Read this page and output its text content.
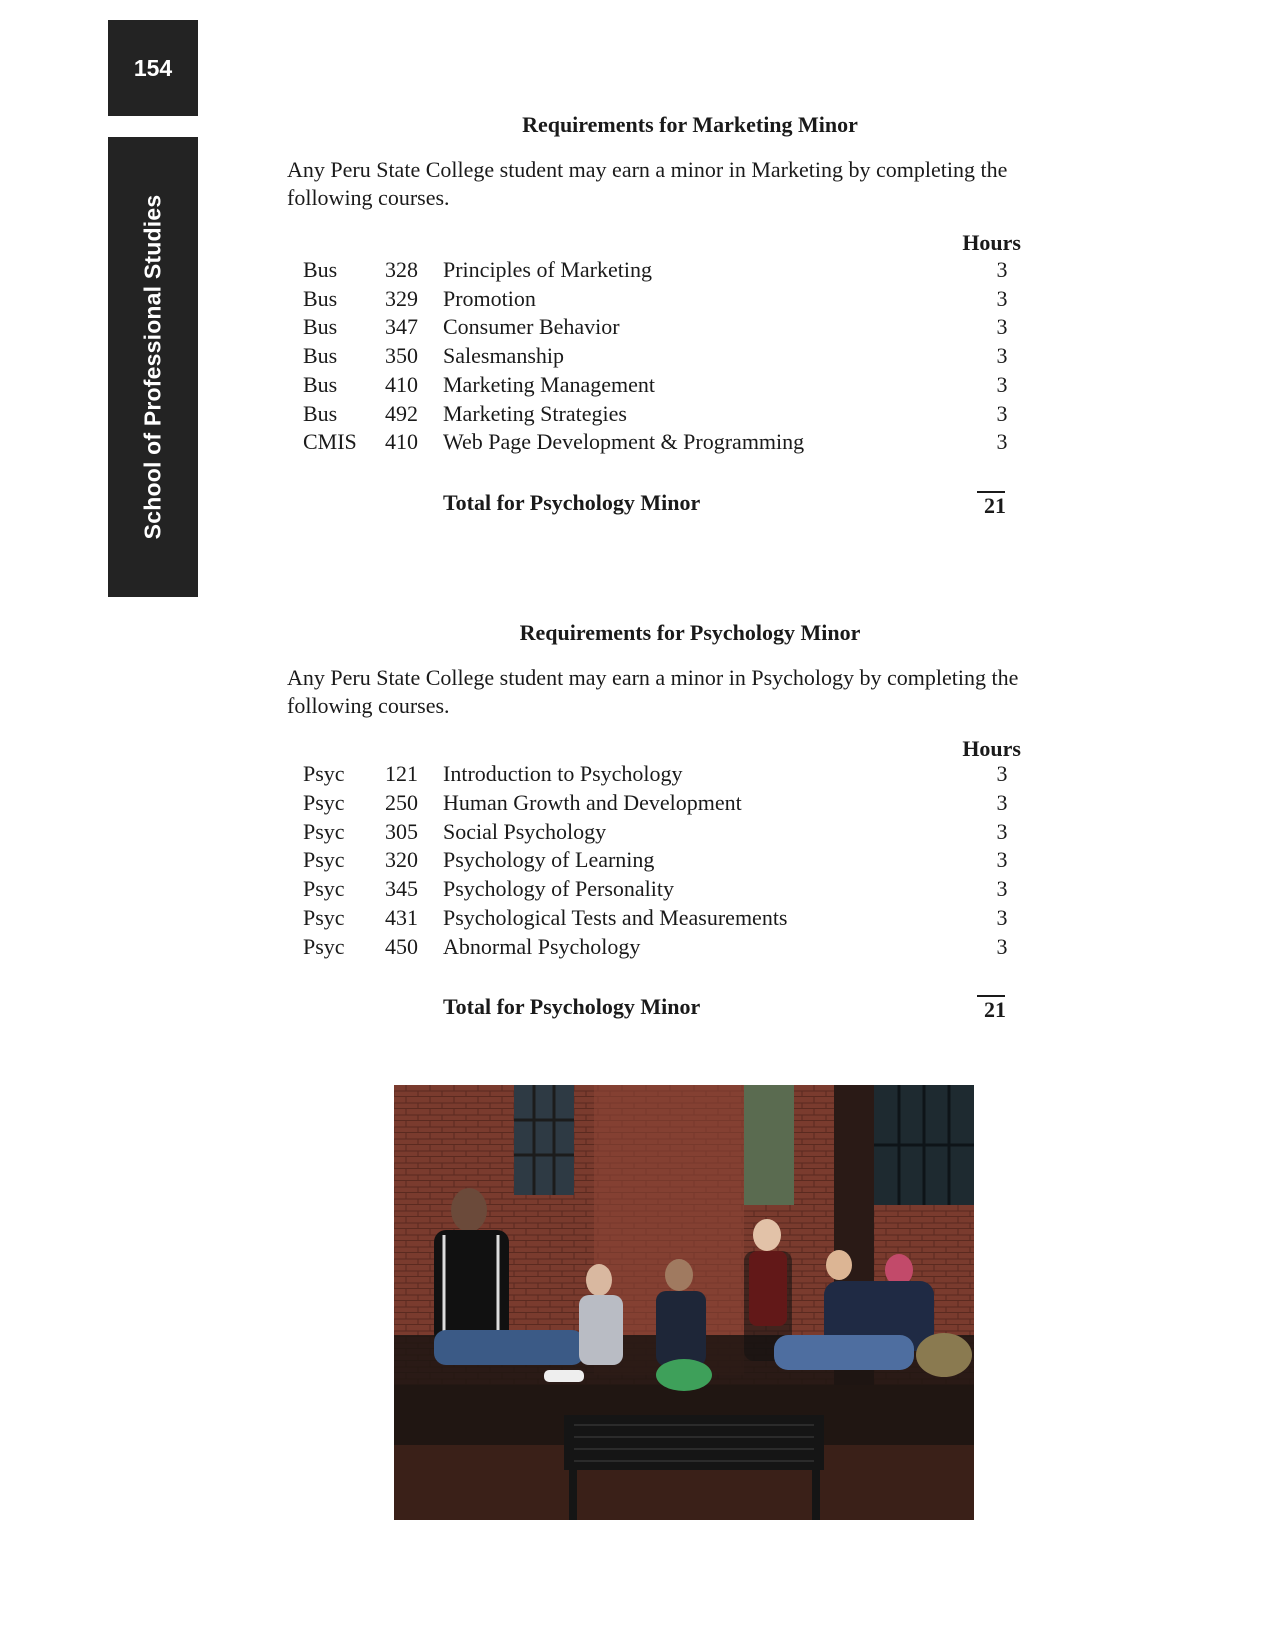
154
School of Professional Studies
Requirements for Marketing Minor

Any Peru State College student may earn a minor in Marketing by completing the following courses.

Hours
Bus 328 Principles of Marketing	3
Bus 329 Promotion	3
Bus 347 Consumer Behavior	3
Bus 350 Salesmanship	3
Bus 410 Marketing Management	3
Bus 492 Marketing Strategies	3
CMIS 410 Web Page Development & Programming	3
Total for Psychology Minor	21
Requirements for Psychology Minor

Any Peru State College student may earn a minor in Psychology by completing the following courses.

Hours
Psyc 121 Introduction to Psychology	3
Psyc 250 Human Growth and Development	3
Psyc 305 Social Psychology	3
Psyc 320 Psychology of Learning	3
Psyc 345 Psychology of Personality	3
Psyc 431 Psychological Tests and Measurements	3
Psyc 450 Abnormal Psychology	3
Total for Psychology Minor	21
